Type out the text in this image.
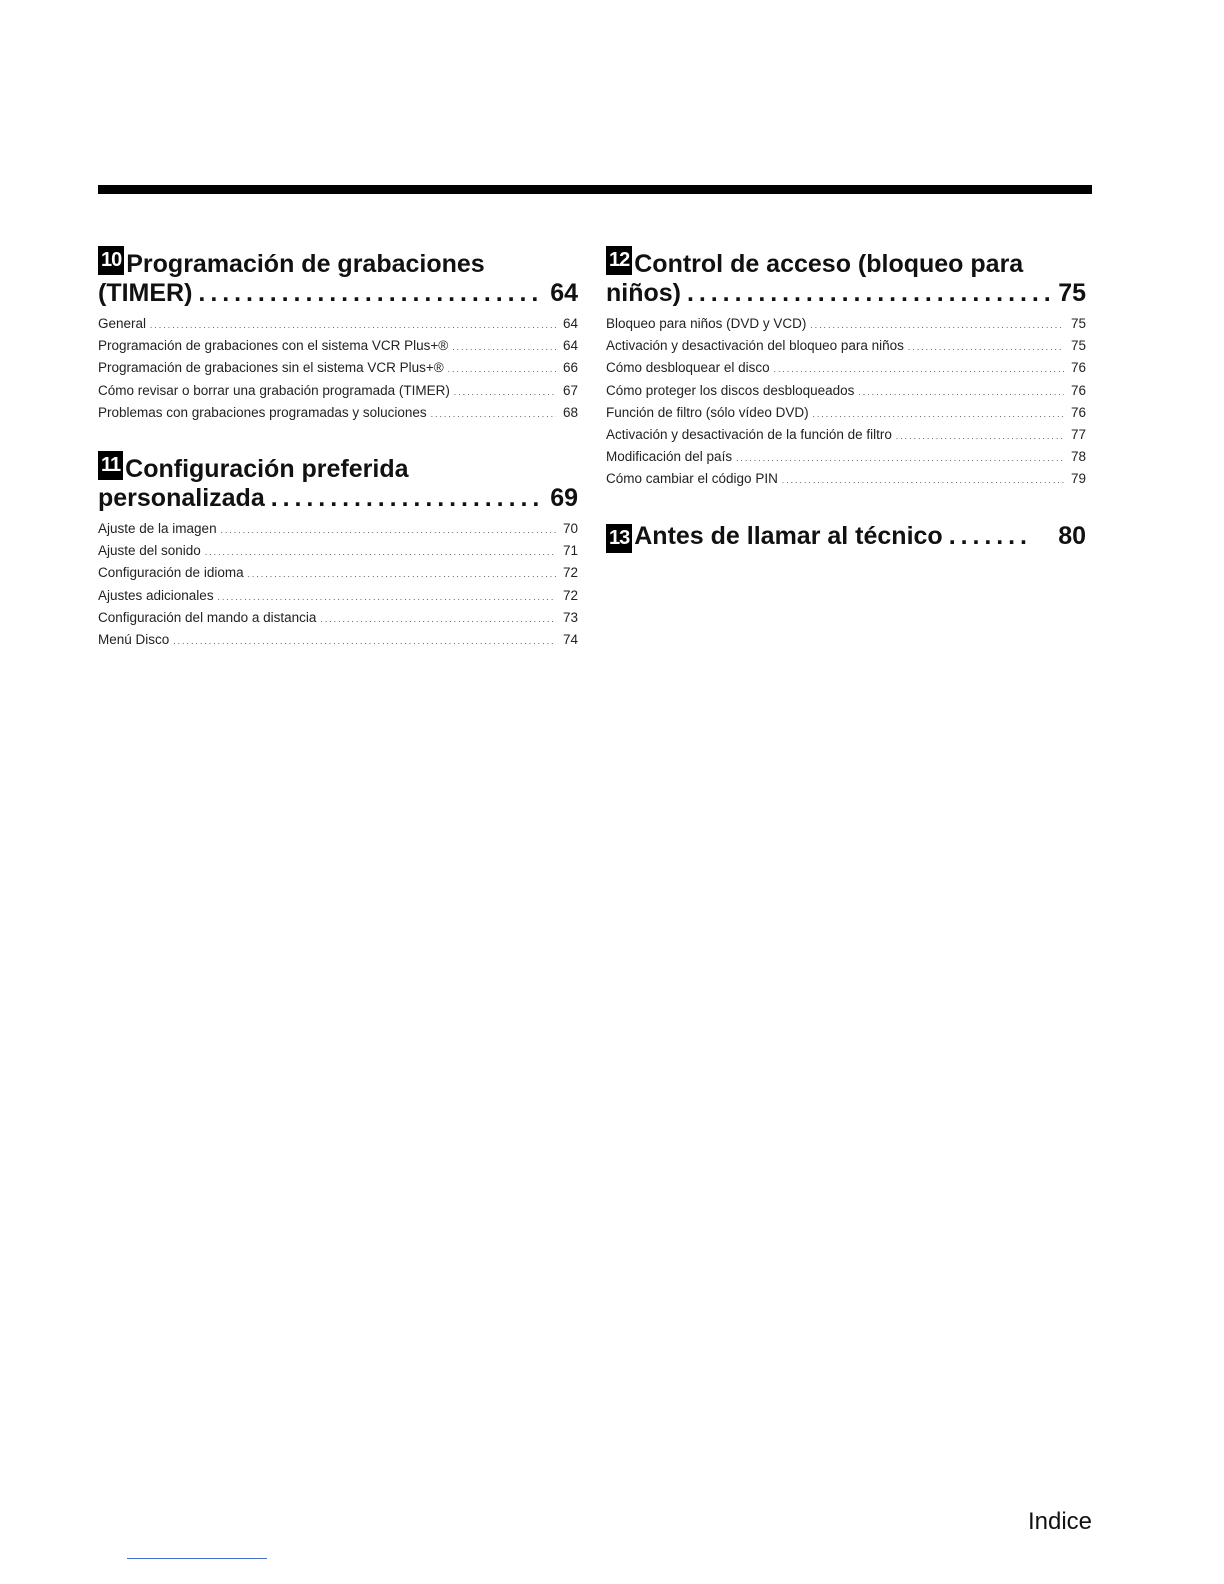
10 Programación de grabaciones
(TIMER) . . .	64
General . . .	64
Programación de grabaciones con el sistema VCR Plus+® . . .	64
Programación de grabaciones sin el sistema VCR Plus+® . . .	66
Cómo revisar o borrar una grabación programada (TIMER) . . .	67
Problemas con grabaciones programadas y soluciones . . .	68
11 Configuración preferida
personalizada . . .	69
Ajuste de la imagen . . .	70
Ajuste del sonido . . .	71
Configuración de idioma . . .	72
Ajustes adicionales . . .	72
Configuración del mando a distancia . . .	73
Menú Disco . . .	74
12 Control de acceso (bloqueo para
niños) . . .	75
Bloqueo para niños (DVD y VCD) . . .	75
Activación y desactivación del bloqueo para niños . . .	75
Cómo desbloquear el disco . . .	76
Cómo proteger los discos desbloqueados . . .	76
Función de filtro (sólo vídeo DVD) . . .	76
Activación y desactivación de la función de filtro . . .	77
Modificación del país . . .	78
Cómo cambiar el código PIN . . .	79
13 Antes de llamar al técnico . . .	80
Indice
